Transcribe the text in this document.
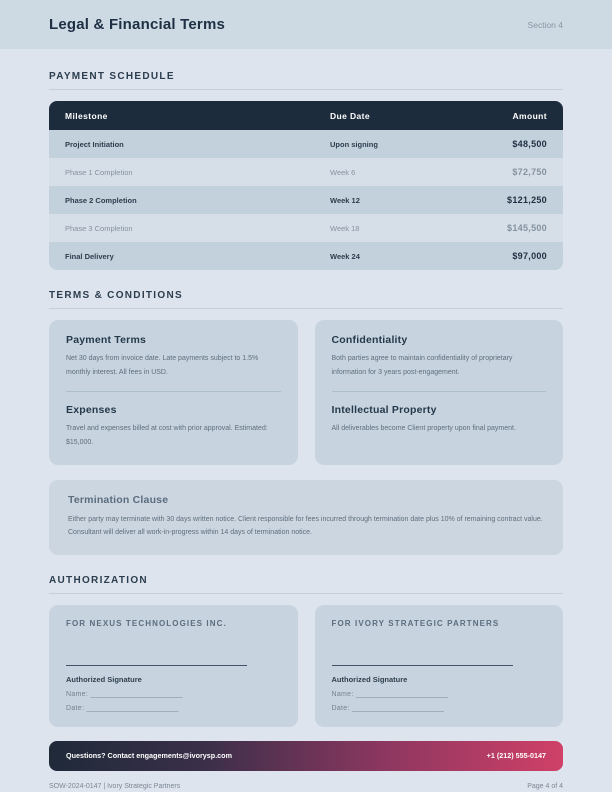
Legal & Financial Terms	Section 4
PAYMENT SCHEDULE
Milestone	Due Date	Amount
Project Initiation	Upon signing	$48,500
Phase 1 Completion	Week 6	$72,750
Phase 2 Completion	Week 12	$121,250
Phase 3 Completion	Week 18	$145,500
Final Delivery	Week 24	$97,000
TERMS & CONDITIONS
Payment Terms

Net 30 days from invoice date. Late payments subject to 1.5% monthly interest. All fees in USD.

Expenses

Travel and expenses billed at cost with prior approval. Estimated: $15,000.

Confidentiality

Both parties agree to maintain confidentiality of proprietary information for 3 years post-engagement.

Intellectual Property

All deliverables become Client property upon final payment.

Termination Clause

Either party may terminate with 30 days written notice. Client responsible for fees incurred through termination date plus 10% of remaining contract value. Consultant will deliver all work-in-progress within 14 days of termination notice.

AUTHORIZATION
FOR NEXUS TECHNOLOGIES INC.
Authorized Signature
Name: ______________________
Date: ______________________
FOR IVORY STRATEGIC PARTNERS
Authorized Signature
Name: ______________________
Date: ______________________
Questions? Contact engagements@ivorysp.com	+1 (212) 555-0147
SOW-2024-0147 | Ivory Strategic Partners	Page 4 of 4
